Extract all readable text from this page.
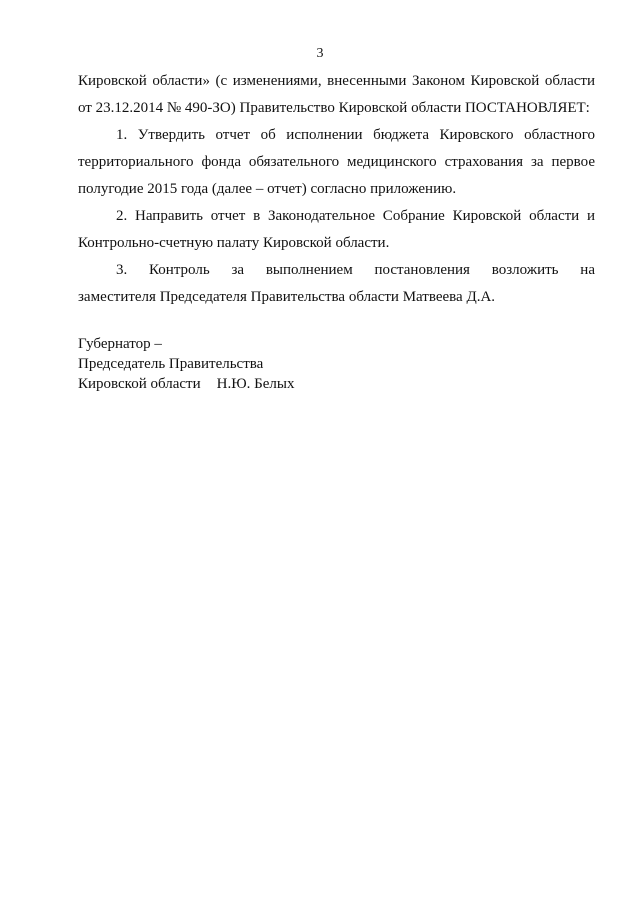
3
Кировской области» (с изменениями, внесенными Законом Кировской области
от 23.12.2014 № 490-ЗО) Правительство Кировской области ПОСТАНОВЛЯЕТ:
1. Утвердить отчет об исполнении бюджета Кировского областного
территориального фонда обязательного медицинского страхования за первое
полугодие 2015 года (далее – отчет) согласно приложению.
2. Направить отчет в Законодательное Собрание Кировской области и
Контрольно-счетную палату Кировской области.
3. Контроль за выполнением постановления возложить на
заместителя Председателя Правительства области Матвеева Д.А.
Губернатор –
Председатель Правительства
Кировской области Н.Ю. Белых
